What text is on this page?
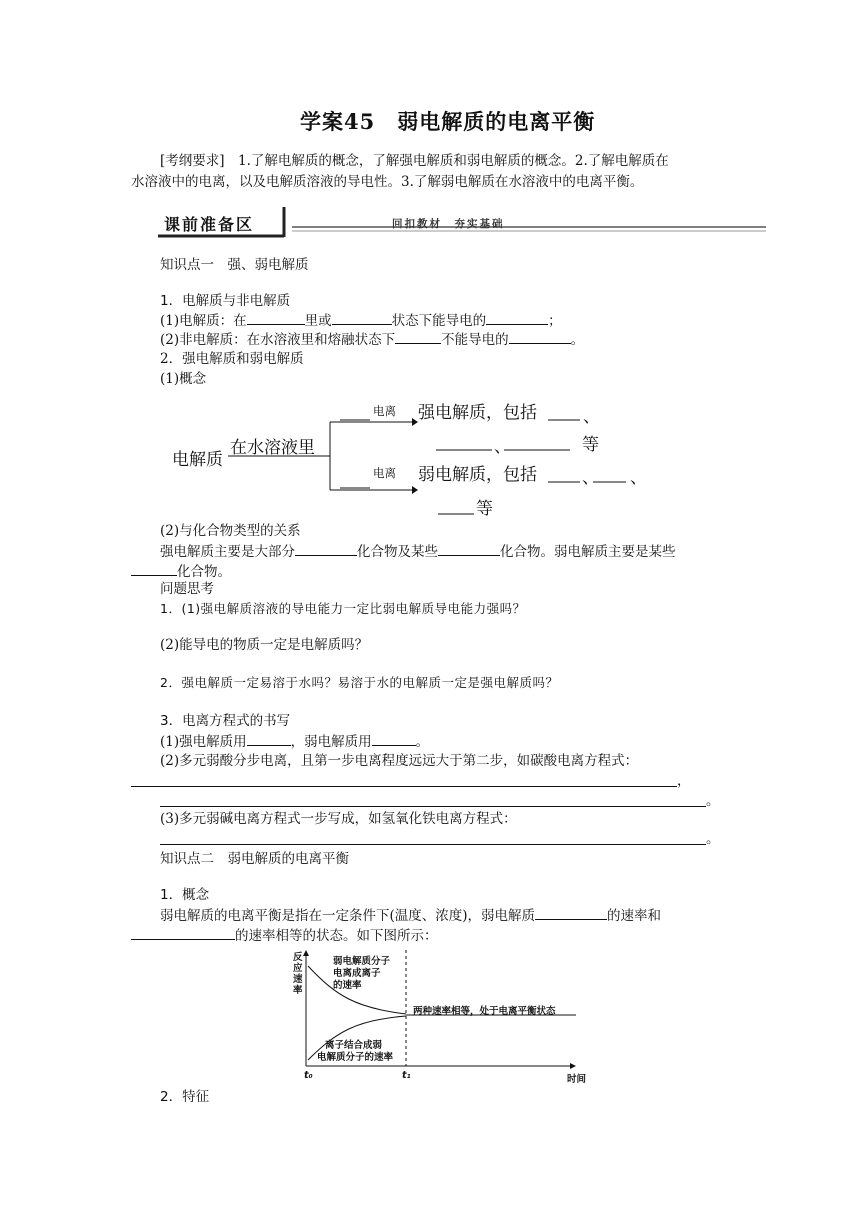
学案45　弱电解质的电离平衡
[考纲要求]　1.了解电解质的概念，了解强电解质和弱电解质的概念。2.了解电解质在
水溶液中的电离，以及电解质溶液的导电性。3.了解弱电解质在水溶液中的电离平衡。
课前准备区	回扣教材　夯实基础
知识点一　强、弱电解质
1．电解质与非电解质
(1)电解质：在	里或	状态下能导电的	；
(2)非电解质：在水溶液里和熔融状态下	不能导电的	。
2．强电解质和弱电解质
(1)概念
电解质
在水溶液里
电离
电离
强电解质，包括	、
、	等
弱电解质，包括	、 、
等
(2)与化合物类型的关系
强电解质主要是大部分	化合物及某些	化合物。弱电解质主要是某些
化合物。
问题思考
1．(1)强电解质溶液的导电能力一定比弱电解质导电能力强吗？
(2)能导电的物质一定是电解质吗？
2．强电解质一定易溶于水吗？易溶于水的电解质一定是强电解质吗？
3．电离方程式的书写
(1)强电解质用	，弱电解质用	。
(2)多元弱酸分步电离，且第一步电离程度远远大于第二步，如碳酸电离方程式：
，
。
(3)多元弱碱电离方程式一步写成，如氢氧化铁电离方程式：
。
知识点二　弱电解质的电离平衡
1．概念
弱电解质的电离平衡是指在一定条件下(温度、浓度)，弱电解质	的速率和
的速率相等的状态。如下图所示：
反应速率
弱电解质分子
电离成离子
的速率
两种速率相等，处于电离平衡状态
离子结合成弱
电解质分子的速率
t₀	t₁	时间
2．特征
